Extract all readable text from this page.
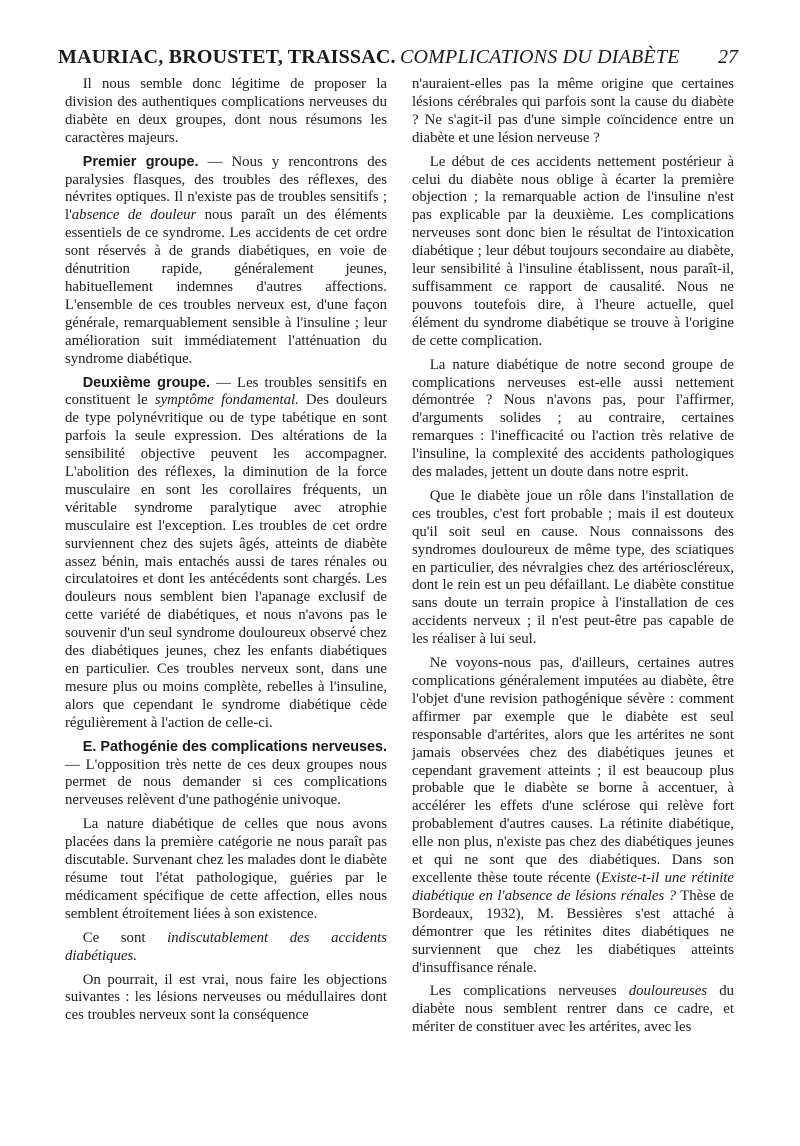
MAURIAC, BROUSTET, TRAISSAC. COMPLICATIONS DU DIABÈTE 27

Il nous semble donc légitime de proposer la division des authentiques complications nerveuses du diabète en deux groupes, dont nous résumons les caractères majeurs.

Premier groupe. — Nous y rencontrons des paralysies flasques, des troubles des réflexes, des névrites optiques. Il n'existe pas de troubles sensitifs ; l'absence de douleur nous paraît un des éléments essentiels de ce syndrome. Les accidents de cet ordre sont réservés à de grands diabétiques, en voie de dénutrition rapide, généralement jeunes, habituellement indemnes d'autres affections. L'ensemble de ces troubles nerveux est, d'une façon générale, remarquablement sensible à l'insuline ; leur amélioration suit immédiatement l'atténuation du syndrome diabétique.

Deuxième groupe. — Les troubles sensitifs en constituent le symptôme fondamental. Des douleurs de type polynévritique ou de type tabétique en sont parfois la seule expression. Des altérations de la sensibilité objective peuvent les accompagner. L'abolition des réflexes, la diminution de la force musculaire en sont les corollaires fréquents, un véritable syndrome paralytique avec atrophie musculaire est l'exception. Les troubles de cet ordre surviennent chez des sujets âgés, atteints de diabète assez bénin, mais entachés aussi de tares rénales ou circulatoires et dont les antécédents sont chargés. Les douleurs nous semblent bien l'apanage exclusif de cette variété de diabétiques, et nous n'avons pas le souvenir d'un seul syndrome douloureux observé chez des diabétiques jeunes, chez les enfants diabétiques en particulier. Ces troubles nerveux sont, dans une mesure plus ou moins complète, rebelles à l'insuline, alors que cependant le syndrome diabétique cède régulièrement à l'action de celle-ci.

E. Pathogénie des complications nerveuses. — L'opposition très nette de ces deux groupes nous permet de nous demander si ces complications nerveuses relèvent d'une pathogénie univoque.

La nature diabétique de celles que nous avons placées dans la première catégorie ne nous paraît pas discutable. Survenant chez les malades dont le diabète résume tout l'état pathologique, guéries par le médicament spécifique de cette affection, elles nous semblent étroitement liées à son existence.

Ce sont indiscutablement des accidents diabétiques.

On pourrait, il est vrai, nous faire les objections suivantes : les lésions nerveuses ou médullaires dont ces troubles nerveux sont la conséquence

n'auraient-elles pas la même origine que certaines lésions cérébrales qui parfois sont la cause du diabète ? Ne s'agit-il pas d'une simple coïncidence entre un diabète et une lésion nerveuse ?

Le début de ces accidents nettement postérieur à celui du diabète nous oblige à écarter la première objection ; la remarquable action de l'insuline n'est pas explicable par la deuxième. Les complications nerveuses sont donc bien le résultat de l'intoxication diabétique ; leur début toujours secondaire au diabète, leur sensibilité à l'insuline établissent, nous paraît-il, suffisamment ce rapport de causalité. Nous ne pouvons toutefois dire, à l'heure actuelle, quel élément du syndrome diabétique se trouve à l'origine de cette complication.

La nature diabétique de notre second groupe de complications nerveuses est-elle aussi nettement démontrée ? Nous n'avons pas, pour l'affirmer, d'arguments solides ; au contraire, certaines remarques : l'inefficacité ou l'action très relative de l'insuline, la complexité des accidents pathologiques des malades, jettent un doute dans notre esprit.

Que le diabète joue un rôle dans l'installation de ces troubles, c'est fort probable ; mais il est douteux qu'il soit seul en cause. Nous connaissons des syndromes douloureux de même type, des sciatiques en particulier, des névralgies chez des artérioscléreux, dont le rein est un peu défaillant. Le diabète constitue sans doute un terrain propice à l'installation de ces accidents nerveux ; il n'est peut-être pas capable de les réaliser à lui seul.

Ne voyons-nous pas, d'ailleurs, certaines autres complications généralement imputées au diabète, être l'objet d'une revision pathogénique sévère : comment affirmer par exemple que le diabète est seul responsable d'artérites, alors que les artérites ne sont jamais observées chez des diabétiques jeunes et cependant gravement atteints ; il est beaucoup plus probable que le diabète se borne à accentuer, à accélérer les effets d'une sclérose qui relève fort probablement d'autres causes. La rétinite diabétique, elle non plus, n'existe pas chez des diabétiques jeunes et qui ne sont que des diabétiques. Dans son excellente thèse toute récente (Existe-t-il une rétinite diabétique en l'absence de lésions rénales ? Thèse de Bordeaux, 1932), M. Bessières s'est attaché à démontrer que les rétinites dites diabétiques ne surviennent que chez les diabétiques atteints d'insuffisance rénale.

Les complications nerveuses douloureuses du diabète nous semblent rentrer dans ce cadre, et mériter de constituer avec les artérites, avec les
